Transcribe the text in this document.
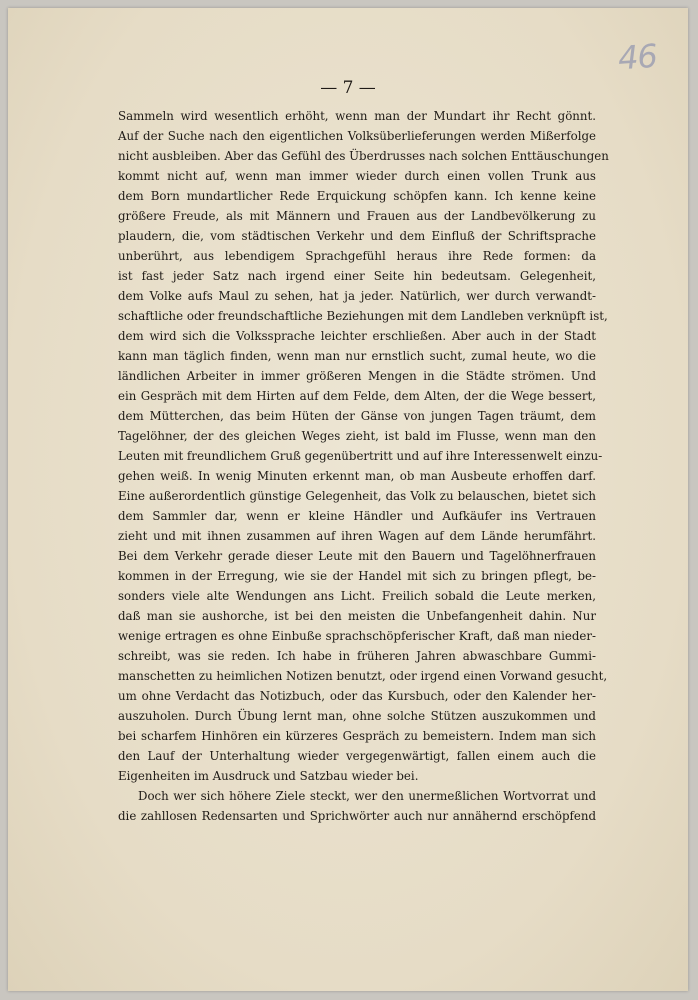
46
— 7 —
Sammeln wird wesentlich erhöht, wenn man der Mundart ihr Recht gönnt.
Auf der Suche nach den eigentlichen Volksüberlieferungen werden Mißerfolge
nicht ausbleiben. Aber das Gefühl des Überdrusses nach solchen Enttäuschungen
kommt nicht auf, wenn man immer wieder durch einen vollen Trunk aus
dem Born mundartlicher Rede Erquickung schöpfen kann. Ich kenne keine
größere Freude, als mit Männern und Frauen aus der Landbevölkerung zu
plaudern, die, vom städtischen Verkehr und dem Einfluß der Schriftsprache
unberührt, aus lebendigem Sprachgefühl heraus ihre Rede formen: da
ist fast jeder Satz nach irgend einer Seite hin bedeutsam. Gelegenheit,
dem Volke aufs Maul zu sehen, hat ja jeder. Natürlich, wer durch verwandt-
schaftliche oder freundschaftliche Beziehungen mit dem Landleben verknüpft ist,
dem wird sich die Volkssprache leichter erschließen. Aber auch in der Stadt
kann man täglich finden, wenn man nur ernstlich sucht, zumal heute, wo die
ländlichen Arbeiter in immer größeren Mengen in die Städte strömen. Und
ein Gespräch mit dem Hirten auf dem Felde, dem Alten, der die Wege bessert,
dem Mütterchen, das beim Hüten der Gänse von jungen Tagen träumt, dem
Tagelöhner, der des gleichen Weges zieht, ist bald im Flusse, wenn man den
Leuten mit freundlichem Gruß gegenübertritt und auf ihre Interessenwelt einzu-
gehen weiß. In wenig Minuten erkennt man, ob man Ausbeute erhoffen darf.
Eine außerordentlich günstige Gelegenheit, das Volk zu belauschen, bietet sich
dem Sammler dar, wenn er kleine Händler und Aufkäufer ins Vertrauen
zieht und mit ihnen zusammen auf ihren Wagen auf dem Lände herumfährt.
Bei dem Verkehr gerade dieser Leute mit den Bauern und Tagelöhnerfrauen
kommen in der Erregung, wie sie der Handel mit sich zu bringen pflegt, be-
sonders viele alte Wendungen ans Licht. Freilich sobald die Leute merken,
daß man sie aushorche, ist bei den meisten die Unbefangenheit dahin. Nur
wenige ertragen es ohne Einbuße sprachschöpferischer Kraft, daß man nieder-
schreibt, was sie reden. Ich habe in früheren Jahren abwaschbare Gummi-
manschetten zu heimlichen Notizen benutzt, oder irgend einen Vorwand gesucht,
um ohne Verdacht das Notizbuch, oder das Kursbuch, oder den Kalender her-
auszuholen. Durch Übung lernt man, ohne solche Stützen auszukommen und
bei scharfem Hinhören ein kürzeres Gespräch zu bemeistern. Indem man sich
den Lauf der Unterhaltung wieder vergegenwärtigt, fallen einem auch die
Eigenheiten im Ausdruck und Satzbau wieder bei.
Doch wer sich höhere Ziele steckt, wer den unermeßlichen Wortvorrat und
die zahllosen Redensarten und Sprichwörter auch nur annähernd erschöpfend
